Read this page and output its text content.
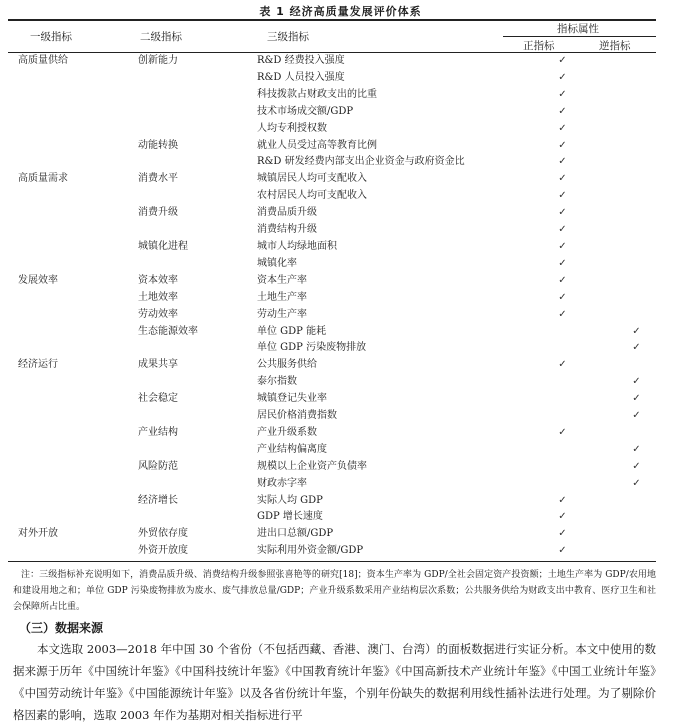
表 1 经济高质量发展评价体系
一级指标	二级指标	三级指标
指标属性
正指标	逆指标
高质量供给	创新能力	R&D 经费投入强度	✓	
		R&D 人员投入强度	✓	
		科技拨款占财政支出的比重	✓	
		技术市场成交额/GDP	✓	
		人均专利授权数	✓	
	动能转换	就业人员受过高等教育比例	✓	
		R&D 研发经费内部支出企业资金与政府资金比	✓	
高质量需求	消费水平	城镇居民人均可支配收入	✓	
		农村居民人均可支配收入	✓	
	消费升级	消费品质升级	✓	
		消费结构升级	✓	
	城镇化进程	城市人均绿地面积	✓	
		城镇化率	✓	
发展效率	资本效率	资本生产率	✓	
	土地效率	土地生产率	✓	
	劳动效率	劳动生产率	✓	
	生态能源效率	单位 GDP 能耗		✓
		单位 GDP 污染废物排放		✓
经济运行	成果共享	公共服务供给	✓	
		泰尔指数		✓
	社会稳定	城镇登记失业率		✓
		居民价格消费指数		✓
	产业结构	产业升级系数	✓	
		产业结构偏离度		✓
	风险防范	规模以上企业资产负债率		✓
		财政赤字率		✓
	经济增长	实际人均 GDP	✓	
		GDP 增长速度	✓	
对外开放	外贸依存度	进出口总额/GDP	✓	
	外资开放度	实际利用外资金额/GDP	✓	
注：三级指标补充说明如下，消费品质升级、消费结构升级参照张喜艳等的研究[18]；资本生产率为 GDP/全社会固定资产投资额；土地生产率为 GDP/农用地和建设用地之和；单位 GDP 污染废物排放为废水、废气排放总量/GDP；产业升级系数采用产业结构层次系数；公共服务供给为财政支出中教育、医疗卫生和社会保障所占比重。
（三）数据来源
本文选取 2003—2018 年中国 30 个省份（不包括西藏、香港、澳门、台湾）的面板数据进行实证分析。本文中使用的数据来源于历年《中国统计年鉴》《中国科技统计年鉴》《中国教育统计年鉴》《中国高新技术产业统计年鉴》《中国工业统计年鉴》《中国劳动统计年鉴》《中国能源统计年鉴》以及各省份统计年鉴，个别年份缺失的数据利用线性插补法进行处理。为了剔除价格因素的影响，选取 2003 年作为基期对相关指标进行平
